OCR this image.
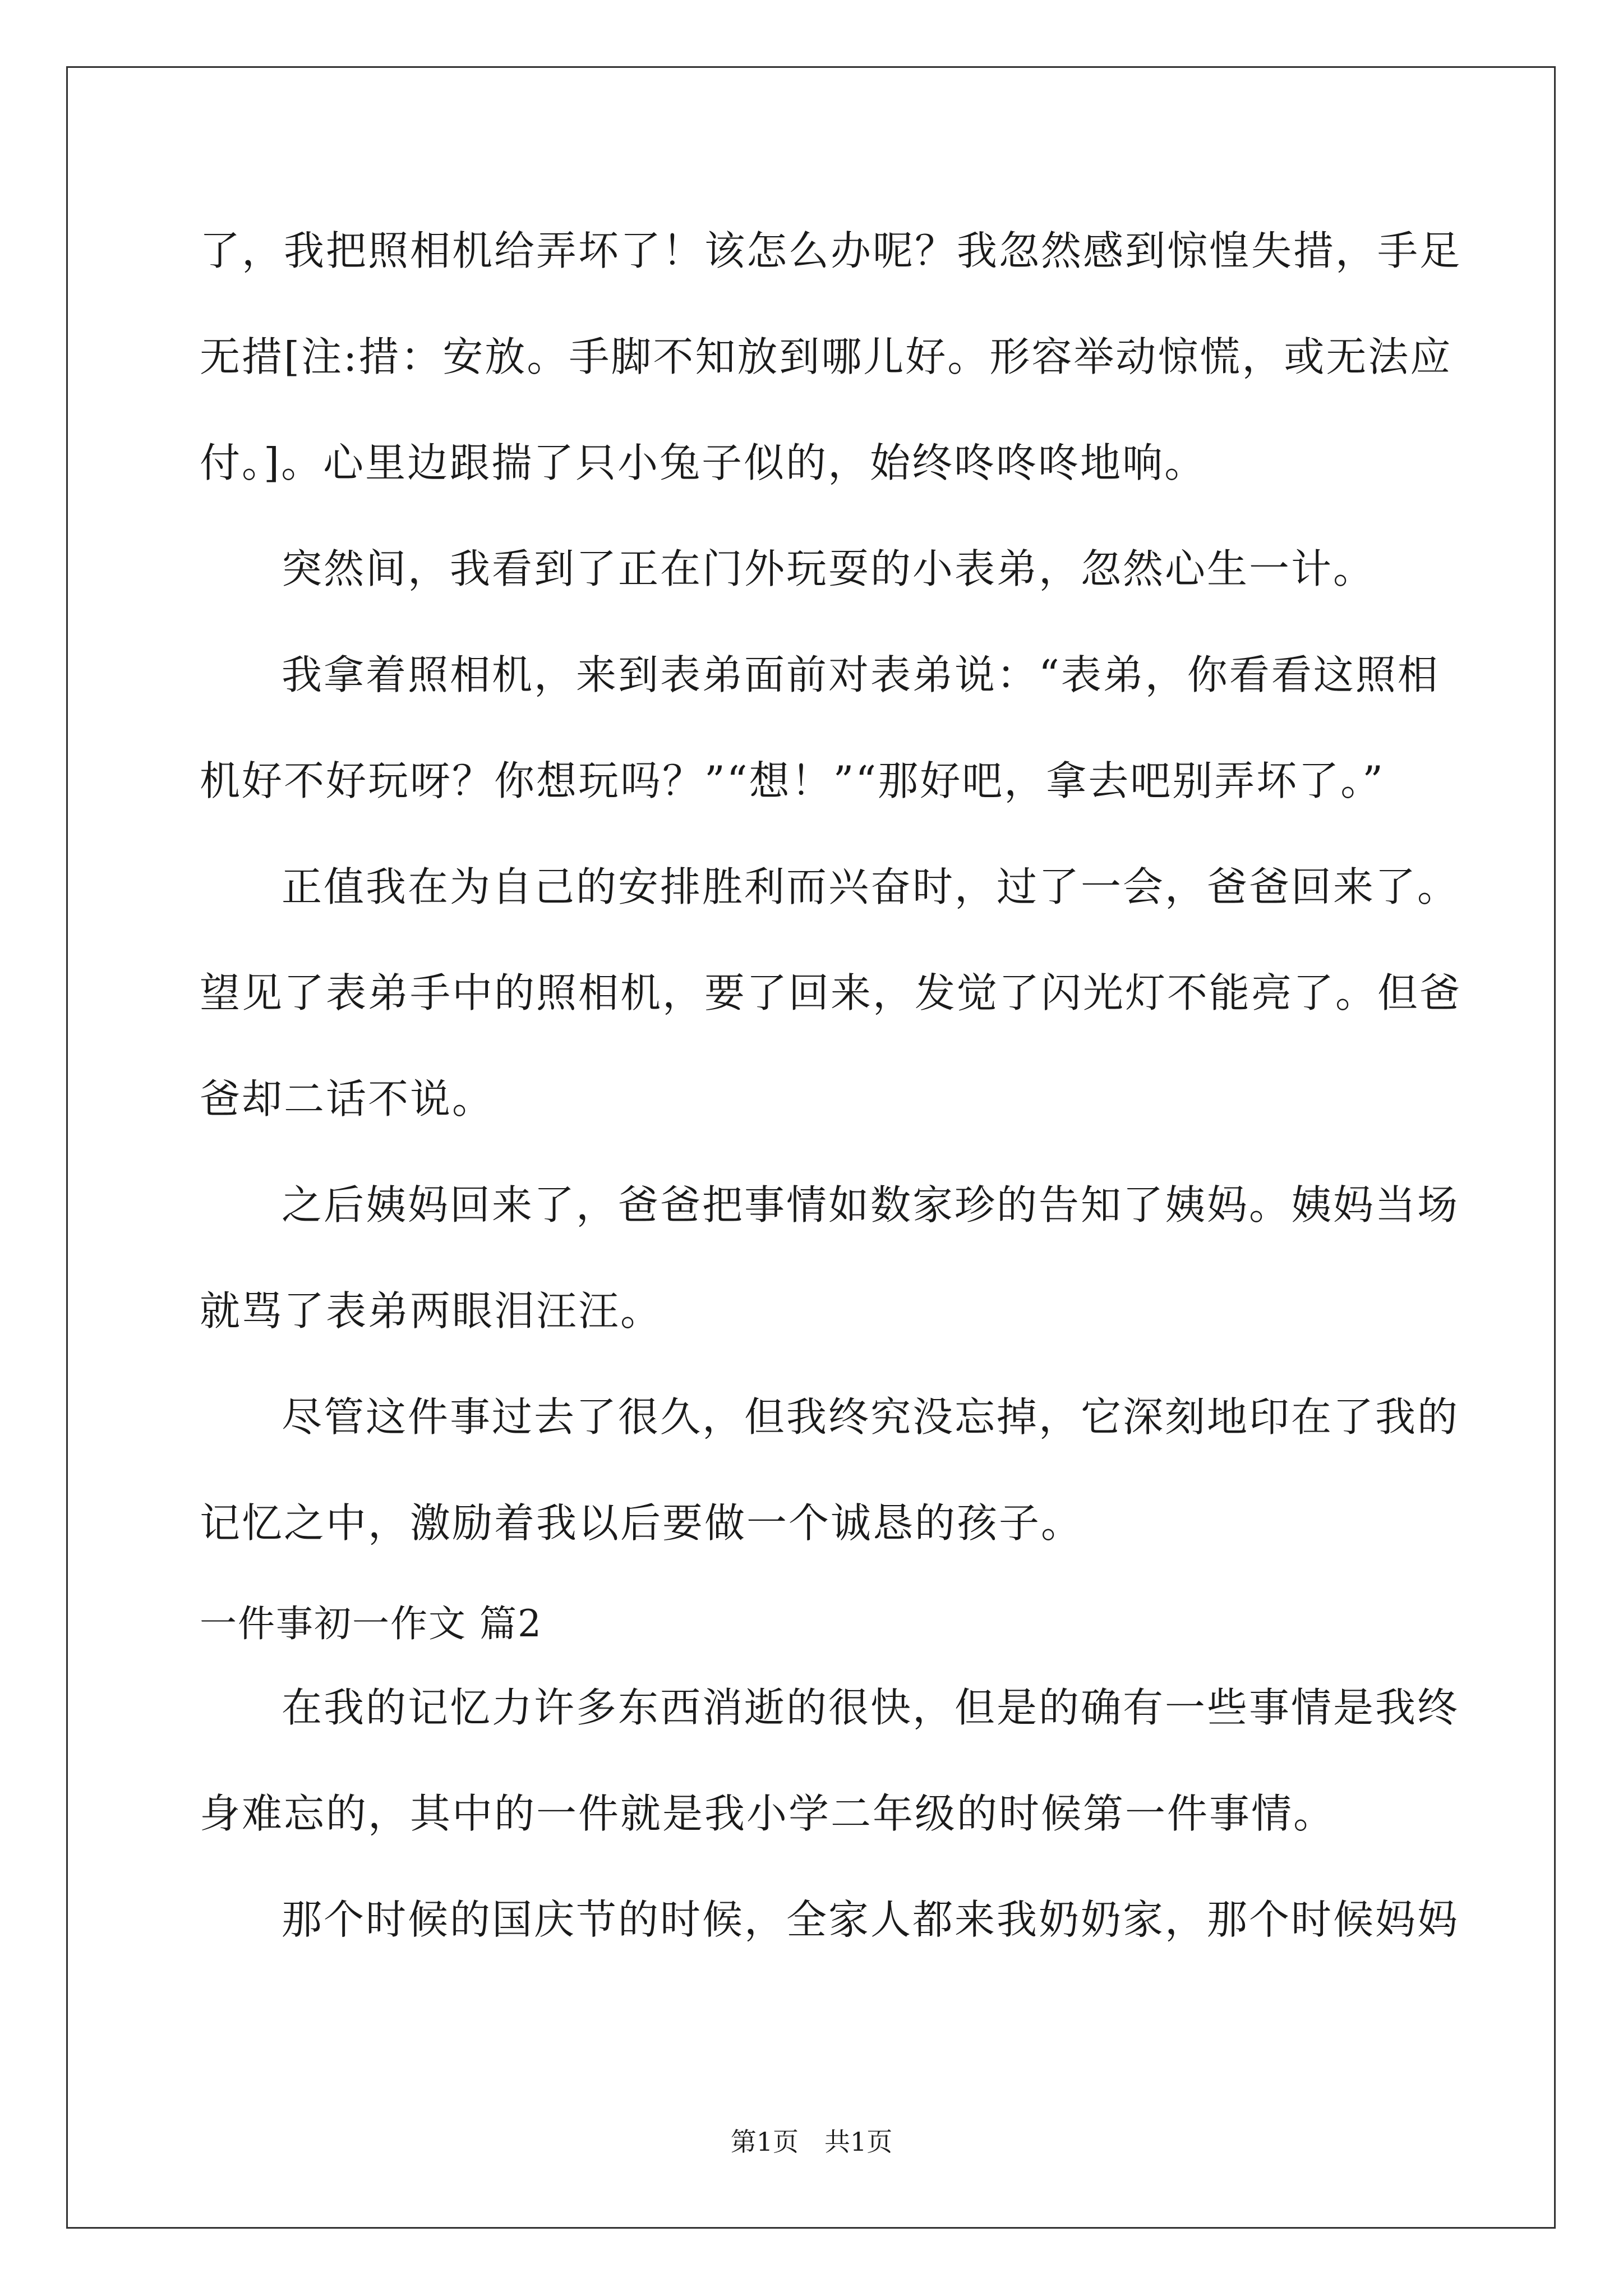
了，我把照相机给弄坏了！该怎么办呢？我忽然感到惊惶失措，手足
无措[注:措：安放。手脚不知放到哪儿好。形容举动惊慌，或无法应
付。]。心里边跟揣了只小兔子似的，始终咚咚咚地响。
突然间，我看到了正在门外玩耍的小表弟，忽然心生一计。
我拿着照相机，来到表弟面前对表弟说：“表弟，你看看这照相
机好不好玩呀？你想玩吗？”“想！”“那好吧，拿去吧别弄坏了。”
正值我在为自己的安排胜利而兴奋时，过了一会，爸爸回来了。
望见了表弟手中的照相机，要了回来，发觉了闪光灯不能亮了。但爸
爸却二话不说。
之后姨妈回来了，爸爸把事情如数家珍的告知了姨妈。姨妈当场
就骂了表弟两眼泪汪汪。
尽管这件事过去了很久，但我终究没忘掉，它深刻地印在了我的
记忆之中，激励着我以后要做一个诚恳的孩子。
一件事初一作文 篇2
在我的记忆力许多东西消逝的很快，但是的确有一些事情是我终
身难忘的，其中的一件就是我小学二年级的时候第一件事情。
那个时候的国庆节的时候，全家人都来我奶奶家，那个时候妈妈
第1页 共1页
